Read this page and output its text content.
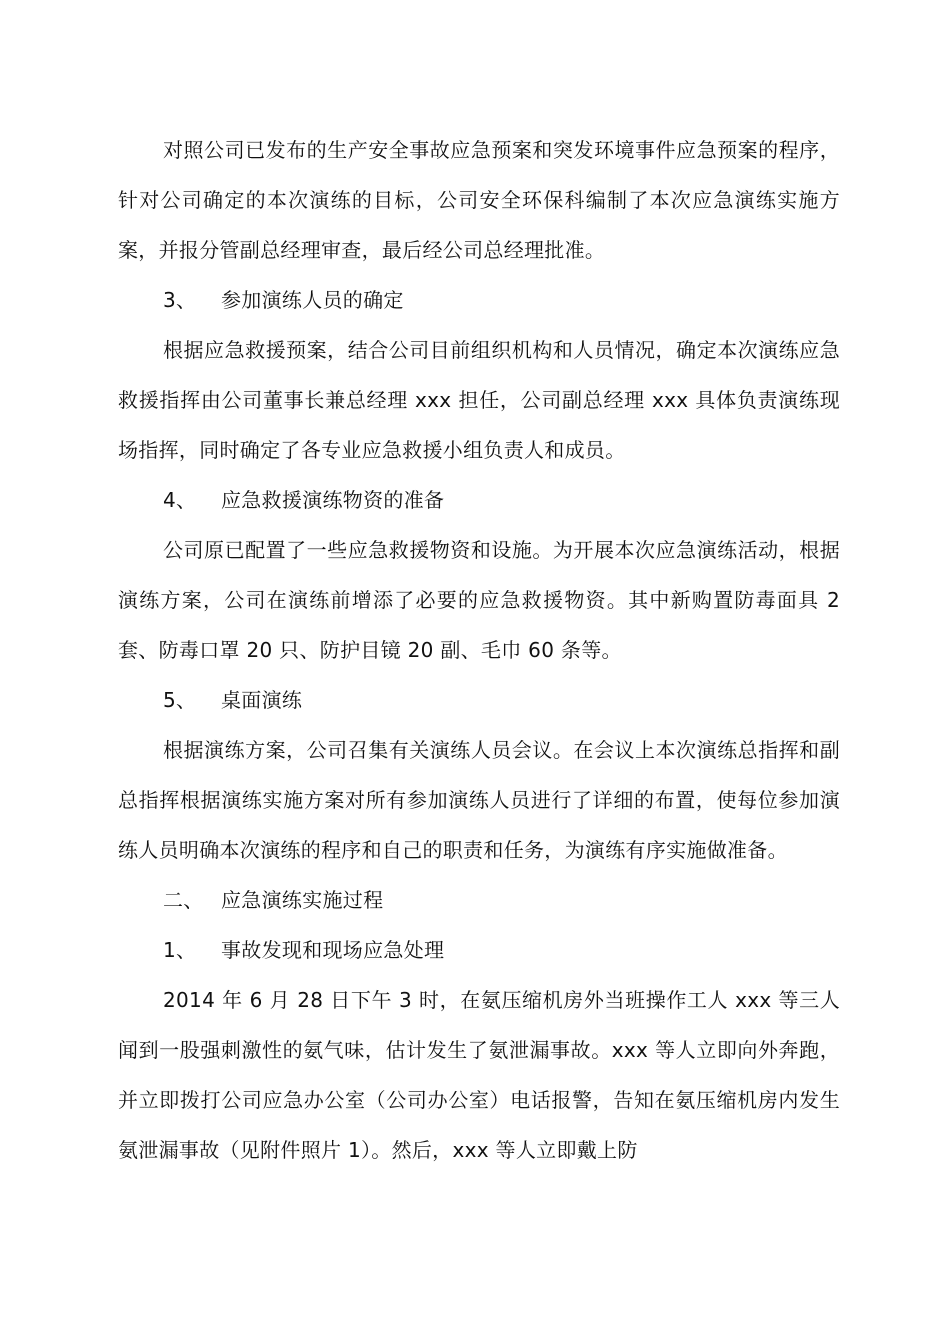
对照公司已发布的生产安全事故应急预案和突发环境事件应急预案的程序，针对公司确定的本次演练的目标，公司安全环保科编制了本次应急演练实施方案，并报分管副总经理审查，最后经公司总经理批准。

3、 参加演练人员的确定

根据应急救援预案，结合公司目前组织机构和人员情况，确定本次演练应急救援指挥由公司董事长兼总经理 xxx 担任，公司副总经理 xxx 具体负责演练现场指挥，同时确定了各专业应急救援小组负责人和成员。

4、 应急救援演练物资的准备

公司原已配置了一些应急救援物资和设施。为开展本次应急演练活动，根据演练方案，公司在演练前增添了必要的应急救援物资。其中新购置防毒面具 2 套、防毒口罩 20 只、防护目镜 20 副、毛巾 60 条等。

5、 桌面演练

根据演练方案，公司召集有关演练人员会议。在会议上本次演练总指挥和副总指挥根据演练实施方案对所有参加演练人员进行了详细的布置，使每位参加演练人员明确本次演练的程序和自己的职责和任务，为演练有序实施做准备。

二、 应急演练实施过程

1、 事故发现和现场应急处理

2014 年 6 月 28 日下午 3 时，在氨压缩机房外当班操作工人 xxx 等三人闻到一股强刺激性的氨气味，估计发生了氨泄漏事故。xxx 等人立即向外奔跑，并立即拨打公司应急办公室（公司办公室）电话报警，告知在氨压缩机房内发生氨泄漏事故（见附件照片 1）。然后，xxx 等人立即戴上防
